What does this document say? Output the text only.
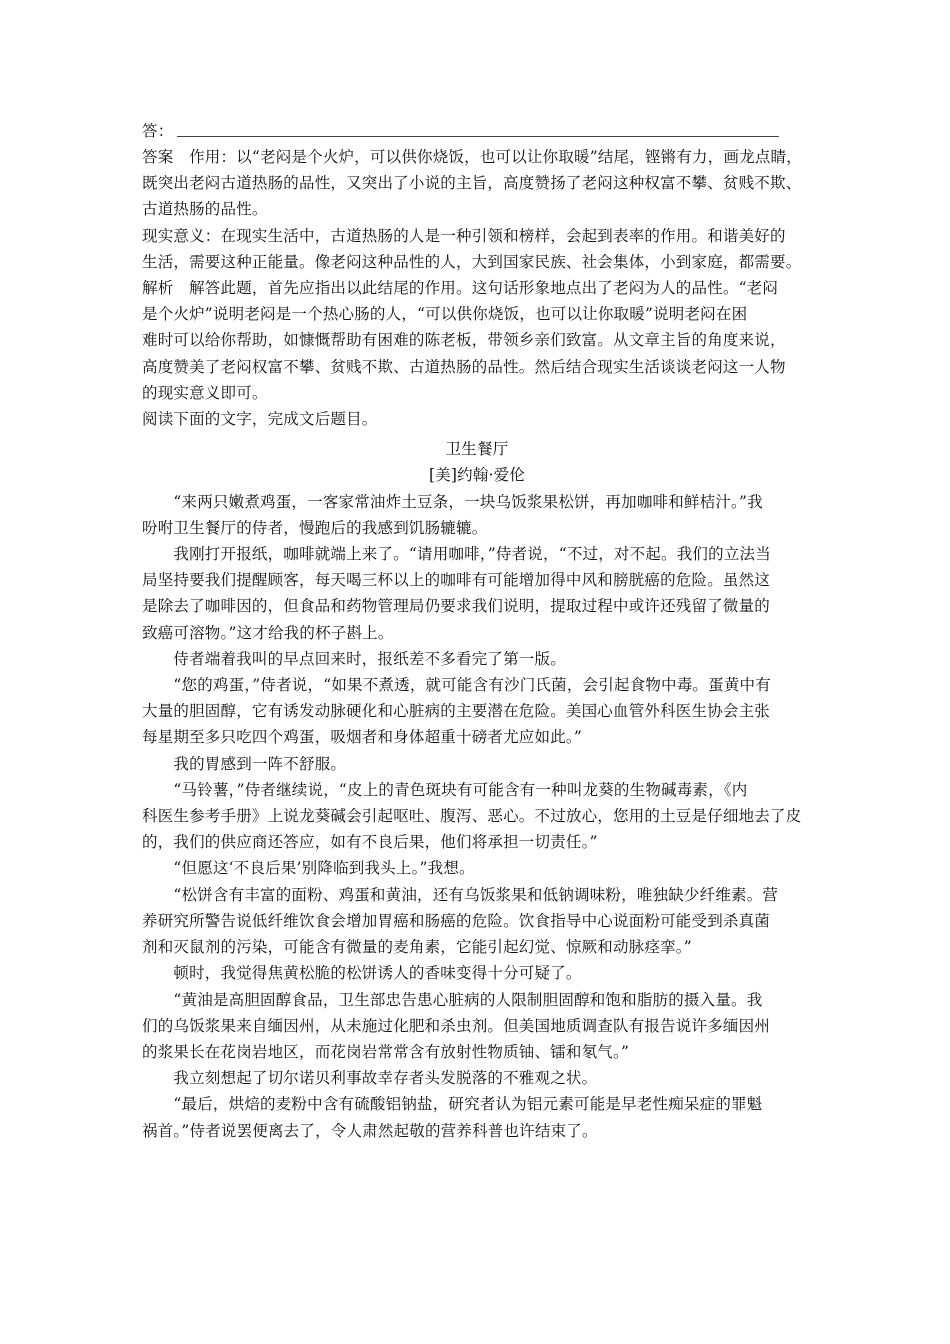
答：
答案　作用：以“老闷是个火炉，可以供你烧饭，也可以让你取暖”结尾，铿锵有力，画龙点睛，
既突出老闷古道热肠的品性，又突出了小说的主旨，高度赞扬了老闷这种权富不攀、贫贱不欺、
古道热肠的品性。
现实意义：在现实生活中，古道热肠的人是一种引领和榜样，会起到表率的作用。和谐美好的
生活，需要这种正能量。像老闷这种品性的人，大到国家民族、社会集体，小到家庭，都需要。
解析　解答此题，首先应指出以此结尾的作用。这句话形象地点出了老闷为人的品性。“老闷
是个火炉”说明老闷是一个热心肠的人，“可以供你烧饭，也可以让你取暖”说明老闷在困
难时可以给你帮助，如慷慨帮助有困难的陈老板，带领乡亲们致富。从文章主旨的角度来说，
高度赞美了老闷权富不攀、贫贱不欺、古道热肠的品性。然后结合现实生活谈谈老闷这一人物
的现实意义即可。
阅读下面的文字，完成文后题目。
卫生餐厅
[美]约翰·爱伦
　　“来两只嫩煮鸡蛋，一客家常油炸土豆条，一块乌饭浆果松饼，再加咖啡和鲜桔汁。”我
吩咐卫生餐厅的侍者，慢跑后的我感到饥肠辘辘。
　　我刚打开报纸，咖啡就端上来了。“请用咖啡，”侍者说，“不过，对不起。我们的立法当
局坚持要我们提醒顾客，每天喝三杯以上的咖啡有可能增加得中风和膀胱癌的危险。虽然这
是除去了咖啡因的，但食品和药物管理局仍要求我们说明，提取过程中或许还残留了微量的
致癌可溶物。”这才给我的杯子斟上。
　　侍者端着我叫的早点回来时，报纸差不多看完了第一版。
　　“您的鸡蛋，”侍者说，“如果不煮透，就可能含有沙门氏菌，会引起食物中毒。蛋黄中有
大量的胆固醇，它有诱发动脉硬化和心脏病的主要潜在危险。美国心血管外科医生协会主张
每星期至多只吃四个鸡蛋，吸烟者和身体超重十磅者尤应如此。”
　　我的胃感到一阵不舒服。
　　“马铃薯，”侍者继续说，“皮上的青色斑块有可能含有一种叫龙葵的生物碱毒素，《内
科医生参考手册》上说龙葵碱会引起呕吐、腹泻、恶心。不过放心，您用的土豆是仔细地去了皮
的，我们的供应商还答应，如有不良后果，他们将承担一切责任。”
　　“但愿这‘不良后果’别降临到我头上。”我想。
　　“松饼含有丰富的面粉、鸡蛋和黄油，还有乌饭浆果和低钠调味粉，唯独缺少纤维素。营
养研究所警告说低纤维饮食会增加胃癌和肠癌的危险。饮食指导中心说面粉可能受到杀真菌
剂和灭鼠剂的污染，可能含有微量的麦角素，它能引起幻觉、惊厥和动脉痉挛。”
　　顿时，我觉得焦黄松脆的松饼诱人的香味变得十分可疑了。
　　“黄油是高胆固醇食品，卫生部忠告患心脏病的人限制胆固醇和饱和脂肪的摄入量。我
们的乌饭浆果来自缅因州，从未施过化肥和杀虫剂。但美国地质调查队有报告说许多缅因州
的浆果长在花岗岩地区，而花岗岩常常含有放射性物质铀、镭和氡气。”
　　我立刻想起了切尔诺贝利事故幸存者头发脱落的不雅观之状。
　　“最后，烘焙的麦粉中含有硫酸铝钠盐，研究者认为铝元素可能是早老性痴呆症的罪魁
祸首。”侍者说罢便离去了，令人肃然起敬的营养科普也许结束了。
